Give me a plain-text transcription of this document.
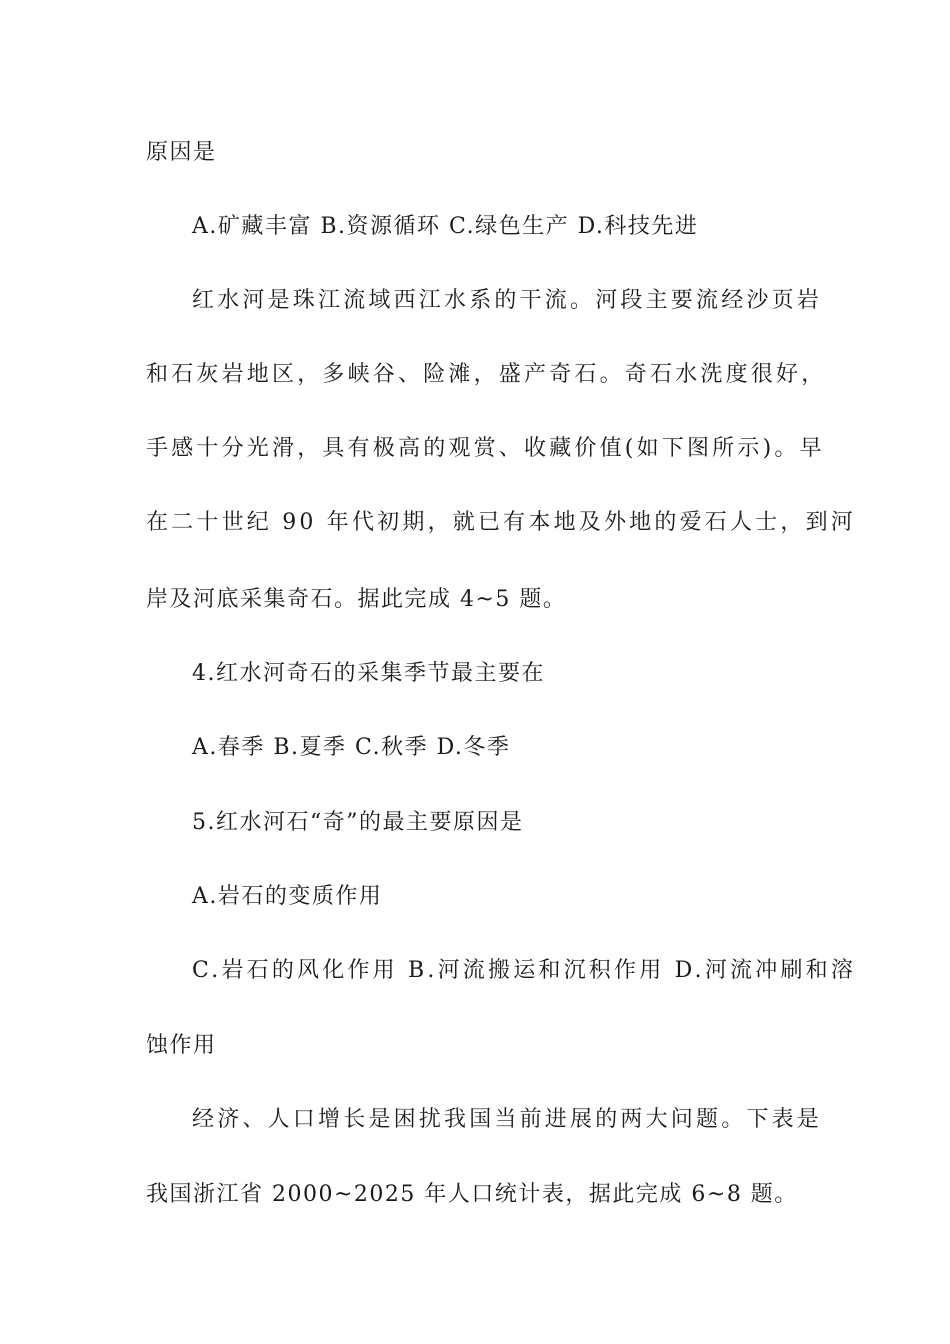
原因是
A.矿藏丰富 B.资源循环 C.绿色生产 D.科技先进
红水河是珠江流域西江水系的干流。河段主要流经沙页岩
和石灰岩地区，多峡谷、险滩，盛产奇石。奇石水洗度很好，
手感十分光滑，具有极高的观赏、收藏价值(如下图所示)。早
在二十世纪 90 年代初期，就已有本地及外地的爱石人士，到河
岸及河底采集奇石。据此完成 4~5 题。
4.红水河奇石的采集季节最主要在
A.春季 B.夏季 C.秋季 D.冬季
5.红水河石“奇”的最主要原因是
A.岩石的变质作用
C.岩石的风化作用 B.河流搬运和沉积作用 D.河流冲刷和溶
蚀作用
经济、人口增长是困扰我国当前进展的两大问题。下表是
我国浙江省 2000~2025 年人口统计表，据此完成 6~8 题。
